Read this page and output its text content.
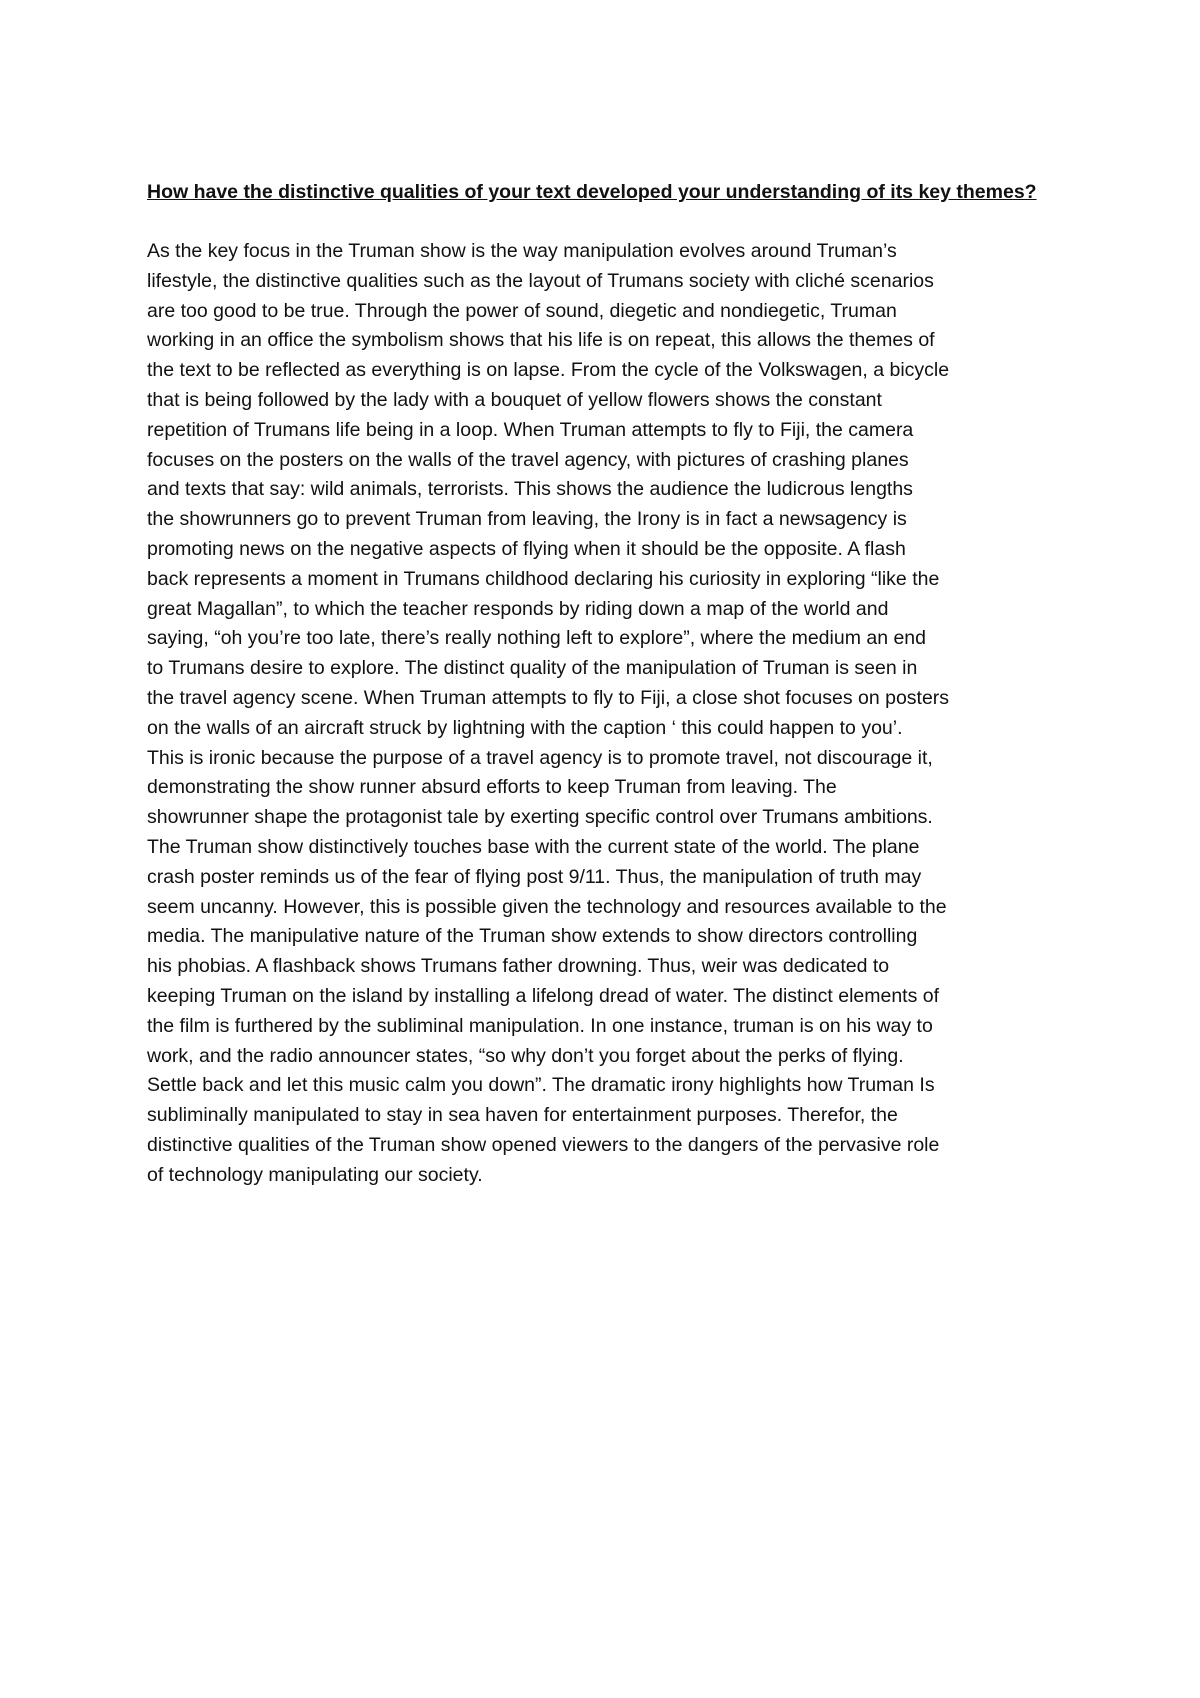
How have the distinctive qualities of your text developed your understanding of its key themes?

As the key focus in the Truman show is the way manipulation evolves around Truman’s

lifestyle, the distinctive qualities such as the layout of Trumans society with cliché scenarios

are too good to be true. Through the power of sound, diegetic and nondiegetic, Truman

working in an office the symbolism shows that his life is on repeat, this allows the themes of

the text to be reflected as everything is on lapse. From the cycle of the Volkswagen, a bicycle

that is being followed by the lady with a bouquet of yellow flowers shows the constant

repetition of Trumans life being in a loop. When Truman attempts to fly to Fiji, the camera

focuses on the posters on the walls of the travel agency, with pictures of crashing planes

and texts that say: wild animals, terrorists. This shows the audience the ludicrous lengths

the showrunners go to prevent Truman from leaving, the Irony is in fact a newsagency is

promoting news on the negative aspects of flying when it should be the opposite. A flash

back represents a moment in Trumans childhood declaring his curiosity in exploring “like the

great Magallan”, to which the teacher responds by riding down a map of the world and

saying, “oh you’re too late, there’s really nothing left to explore”, where the medium an end

to Trumans desire to explore. The distinct quality of the manipulation of Truman is seen in

the travel agency scene. When Truman attempts to fly to Fiji, a close shot focuses on posters

on the walls of an aircraft struck by lightning with the caption ‘ this could happen to you’.

This is ironic because the purpose of a travel agency is to promote travel, not discourage it,

demonstrating the show runner absurd efforts to keep Truman from leaving. The

showrunner shape the protagonist tale by exerting specific control over Trumans ambitions.

The Truman show distinctively touches base with the current state of the world. The plane

crash poster reminds us of the fear of flying post 9/11. Thus, the manipulation of truth may

seem uncanny. However, this is possible given the technology and resources available to the

media. The manipulative nature of the Truman show extends to show directors controlling

his phobias. A flashback shows Trumans father drowning. Thus, weir was dedicated to

keeping Truman on the island by installing a lifelong dread of water. The distinct elements of

the film is furthered by the subliminal manipulation. In one instance, truman is on his way to

work, and the radio announcer states, “so why don’t you forget about the perks of flying.

Settle back and let this music calm you down”. The dramatic irony highlights how Truman Is

subliminally manipulated to stay in sea haven for entertainment purposes. Therefor, the

distinctive qualities of the Truman show opened viewers to the dangers of the pervasive role

of technology manipulating our society.
